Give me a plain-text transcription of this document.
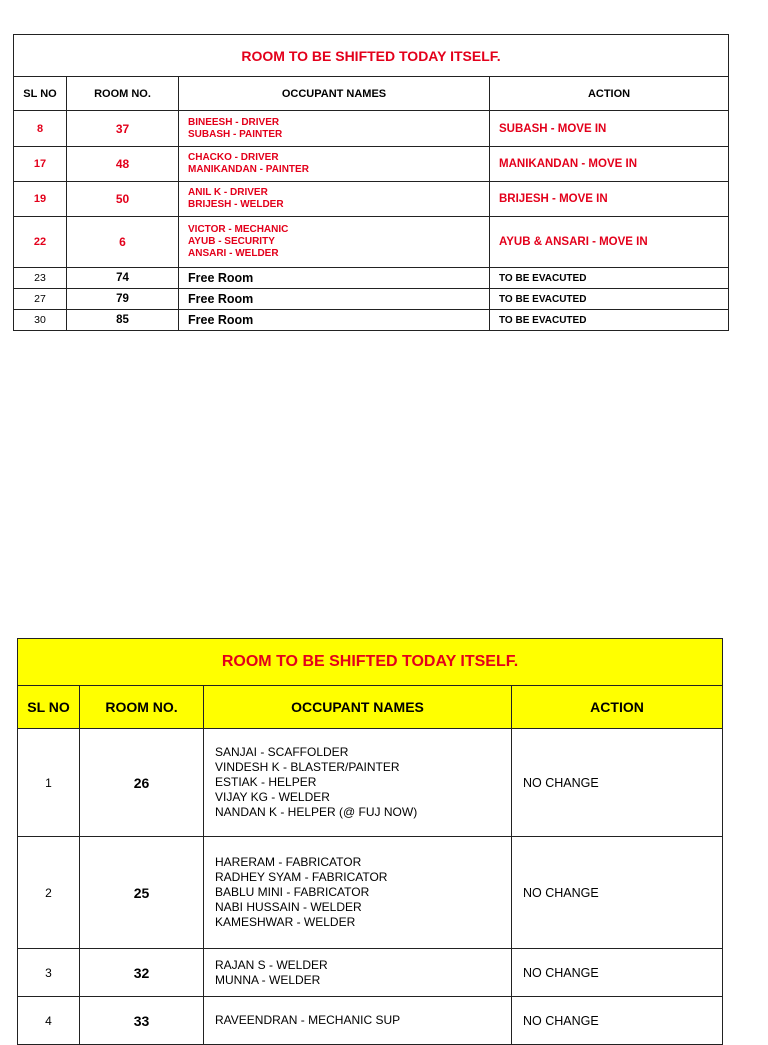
ROOM TO BE SHIFTED TODAY ITSELF.			
SL NO	ROOM NO.	OCCUPANT NAMES	ACTION
8	37	BINEESH - DRIVER
SUBASH - PAINTER	SUBASH - MOVE IN
17	48	CHACKO - DRIVER
MANIKANDAN - PAINTER	MANIKANDAN - MOVE IN
19	50	ANIL K - DRIVER
BRIJESH - WELDER	BRIJESH - MOVE IN
22	6	VICTOR - MECHANIC
AYUB - SECURITY
ANSARI - WELDER	AYUB & ANSARI - MOVE IN
23	74	Free Room	TO BE EVACUTED
27	79	Free Room	TO BE EVACUTED
30	85	Free Room	TO BE EVACUTED
ROOM TO BE SHIFTED TODAY ITSELF.			
SL NO	ROOM NO.	OCCUPANT NAMES	ACTION
1	26	SANJAI - SCAFFOLDER
VINDESH K - BLASTER/PAINTER
ESTIAK - HELPER
VIJAY KG - WELDER
NANDAN K - HELPER (@ FUJ NOW)	NO CHANGE
2	25	HARERAM - FABRICATOR
RADHEY SYAM - FABRICATOR
BABLU MINI - FABRICATOR
NABI HUSSAIN - WELDER
KAMESHWAR - WELDER	NO CHANGE
3	32	RAJAN S - WELDER
MUNNA - WELDER	NO CHANGE
4	33	RAVEENDRAN - MECHANIC SUP	NO CHANGE
